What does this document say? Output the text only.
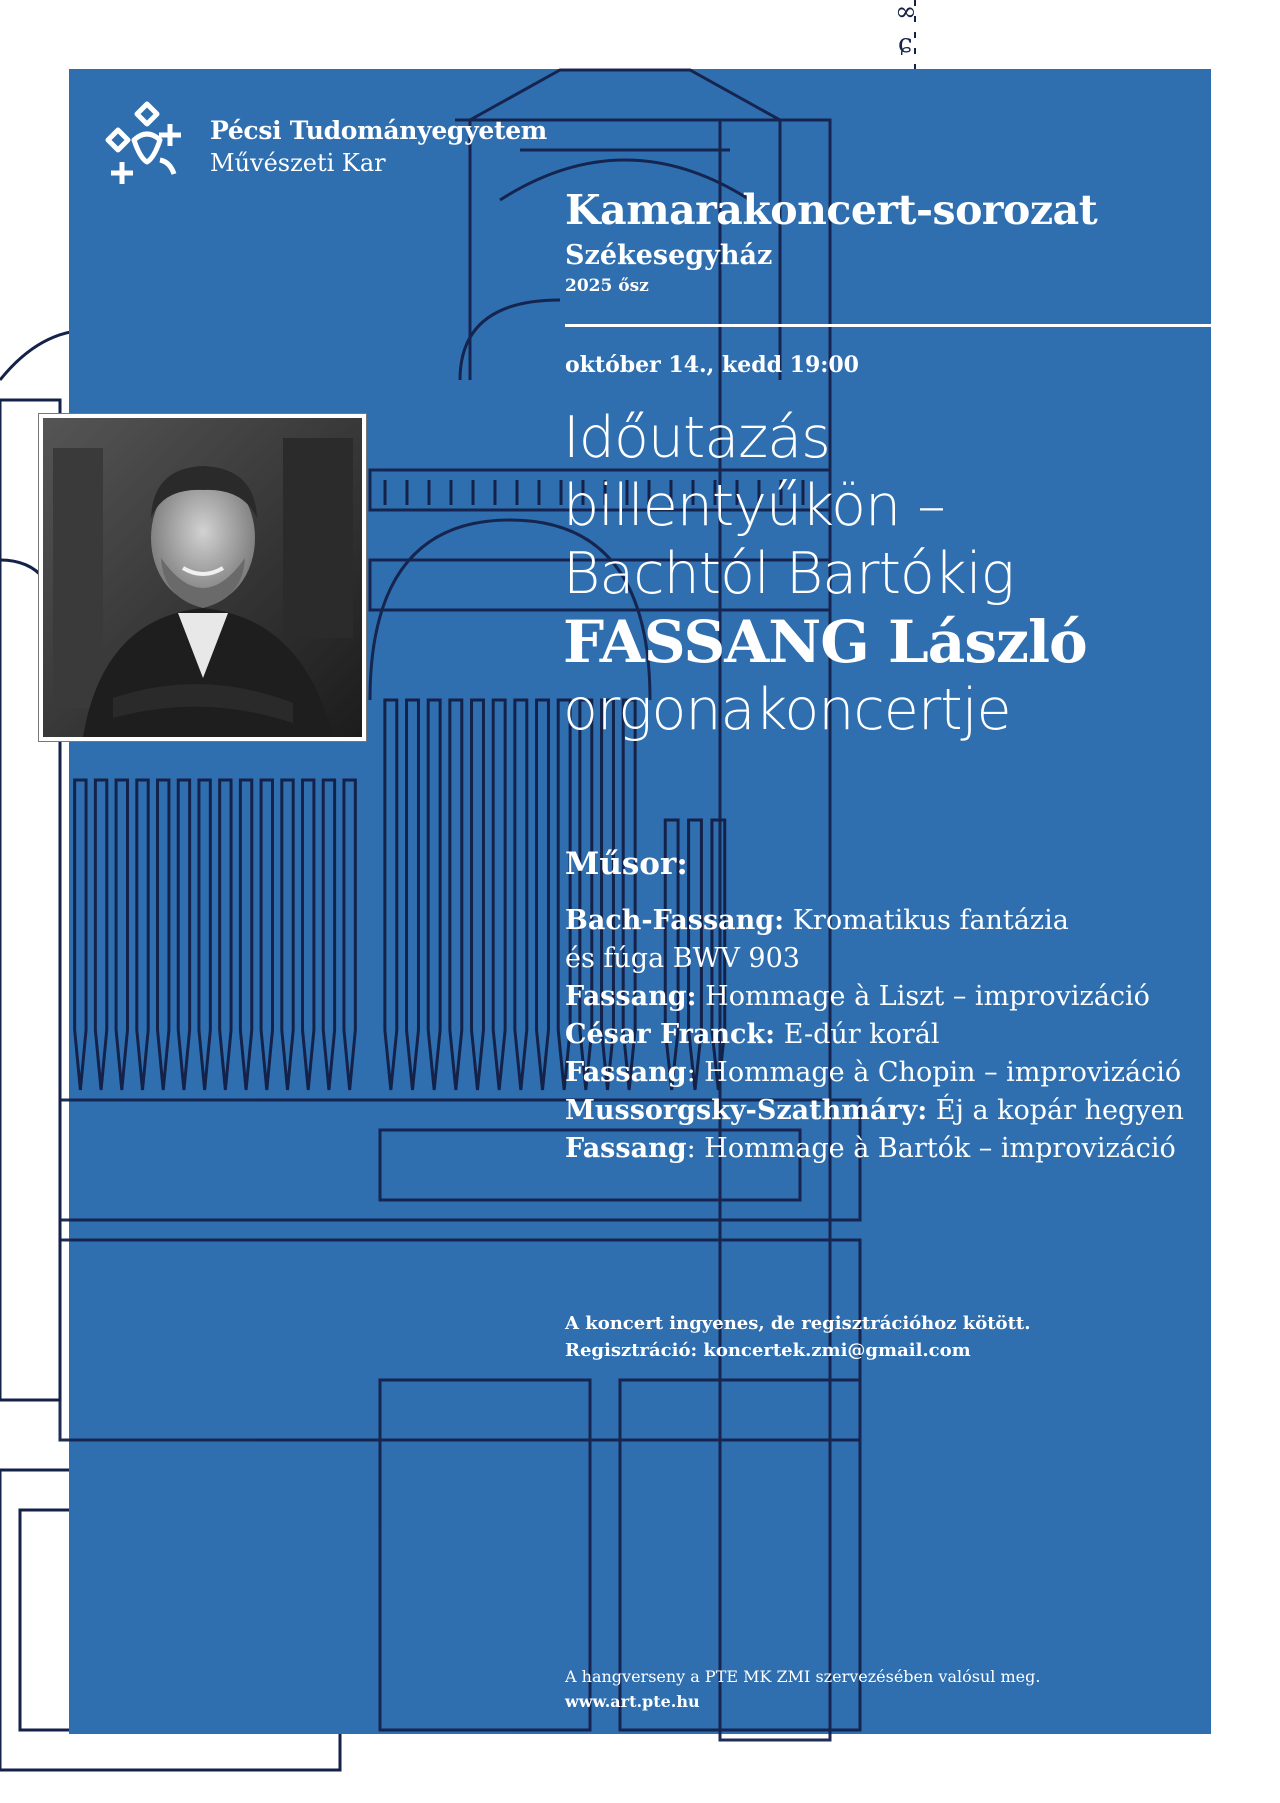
∞
ɕ
Pécsi Tudományegyetem
Művészeti Kar
Kamarakoncert-sorozat
Székesegyház
2025 ősz
október 14., kedd 19:00
Időutazás
billentyűkön –
Bachtól Bartókig
FASSANG László
orgonakoncertje
Műsor:
Bach-Fassang: Kromatikus fantázia
és fúga BWV 903
Fassang: Hommage à Liszt – improvizáció
César Franck: E-dúr korál
Fassang: Hommage à Chopin – improvizáció
Mussorgsky-Szathmáry: Éj a kopár hegyen
Fassang: Hommage à Bartók – improvizáció
A koncert ingyenes, de regisztrációhoz kötött.
Regisztráció: koncertek.zmi@gmail.com
A hangverseny a PTE MK ZMI szervezésében valósul meg.
www.art.pte.hu
